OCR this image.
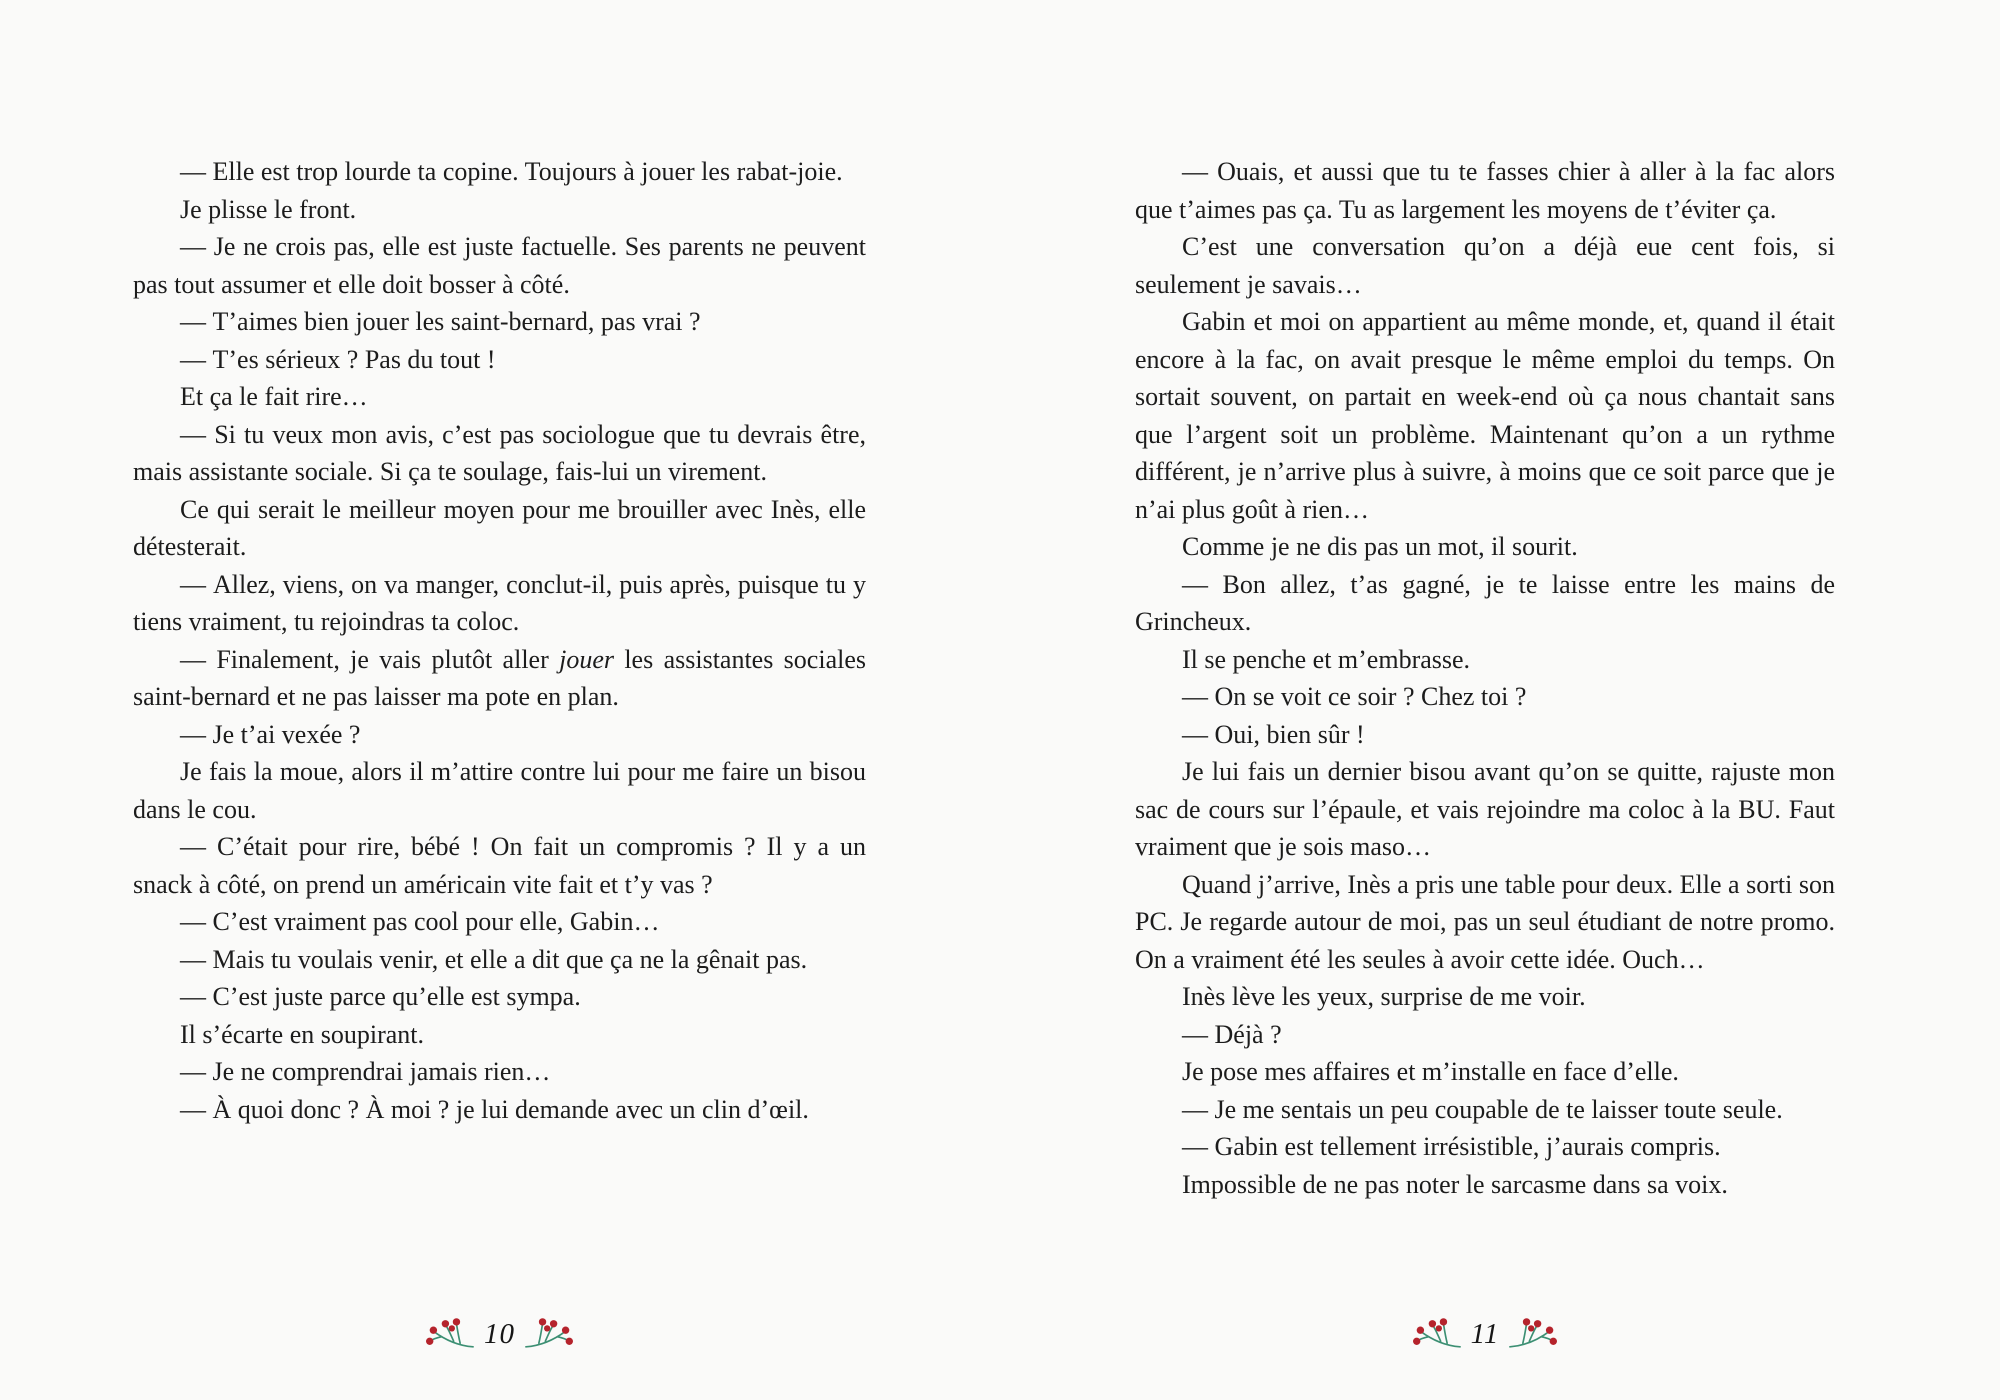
— Elle est trop lourde ta copine. Toujours à jouer les rabat-joie.

Je plisse le front.

— Je ne crois pas, elle est juste factuelle. Ses parents ne peuvent pas tout assumer et elle doit bosser à côté.

— T’aimes bien jouer les saint-bernard, pas vrai ?

— T’es sérieux ? Pas du tout !

Et ça le fait rire…

— Si tu veux mon avis, c’est pas sociologue que tu devrais être, mais assistante sociale. Si ça te soulage, fais-lui un virement.

Ce qui serait le meilleur moyen pour me brouiller avec Inès, elle détesterait.

— Allez, viens, on va manger, conclut-il, puis après, puisque tu y tiens vraiment, tu rejoindras ta coloc.

— Finalement, je vais plutôt aller jouer les assistantes sociales saint-bernard et ne pas laisser ma pote en plan.

— Je t’ai vexée ?

Je fais la moue, alors il m’attire contre lui pour me faire un bisou dans le cou.

— C’était pour rire, bébé ! On fait un compromis ? Il y a un snack à côté, on prend un américain vite fait et t’y vas ?

— C’est vraiment pas cool pour elle, Gabin…

— Mais tu voulais venir, et elle a dit que ça ne la gênait pas.

— C’est juste parce qu’elle est sympa.

Il s’écarte en soupirant.

— Je ne comprendrai jamais rien…

— À quoi donc ? À moi ? je lui demande avec un clin d’œil.

10

— Ouais, et aussi que tu te fasses chier à aller à la fac alors que t’aimes pas ça. Tu as largement les moyens de t’éviter ça.

C’est une conversation qu’on a déjà eue cent fois, si seulement je savais…

Gabin et moi on appartient au même monde, et, quand il était encore à la fac, on avait presque le même emploi du temps. On sortait souvent, on partait en week-end où ça nous chantait sans que l’argent soit un problème. Maintenant qu’on a un rythme différent, je n’arrive plus à suivre, à moins que ce soit parce que je n’ai plus goût à rien…

Comme je ne dis pas un mot, il sourit.

— Bon allez, t’as gagné, je te laisse entre les mains de Grincheux.

Il se penche et m’embrasse.

— On se voit ce soir ? Chez toi ?

— Oui, bien sûr !

Je lui fais un dernier bisou avant qu’on se quitte, rajuste mon sac de cours sur l’épaule, et vais rejoindre ma coloc à la BU. Faut vraiment que je sois maso…

Quand j’arrive, Inès a pris une table pour deux. Elle a sorti son PC. Je regarde autour de moi, pas un seul étudiant de notre promo. On a vraiment été les seules à avoir cette idée. Ouch…

Inès lève les yeux, surprise de me voir.

— Déjà ?

Je pose mes affaires et m’installe en face d’elle.

— Je me sentais un peu coupable de te laisser toute seule.

— Gabin est tellement irrésistible, j’aurais compris.

Impossible de ne pas noter le sarcasme dans sa voix.

11
